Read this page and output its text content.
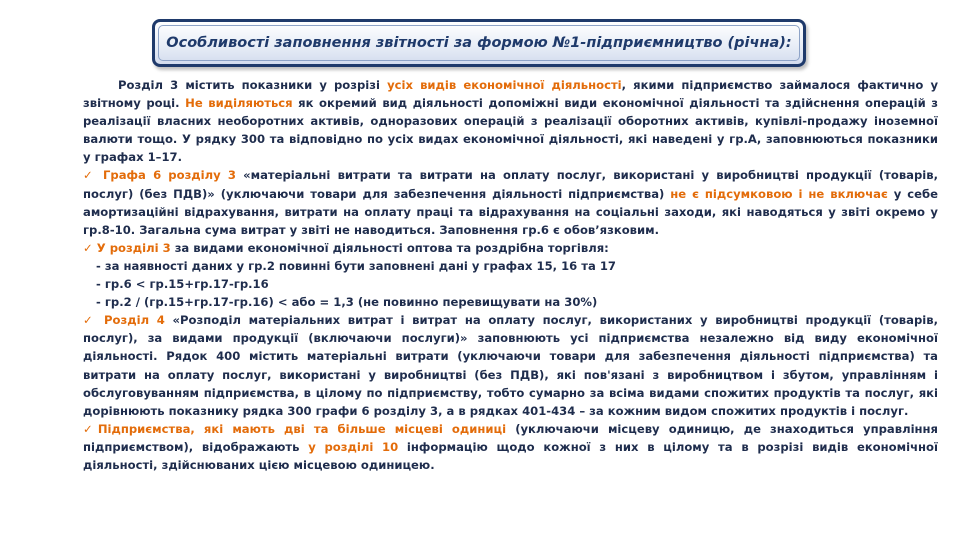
Особливості заповнення звітності за формою №1-підприємництво (річна):

Розділ 3 містить показники у розрізі усіх видів економічної діяльності, якими підприємство займалося фактично у звітному році. Не виділяються як окремий вид діяльності допоміжні види економічної діяльності та здійснення операцій з реалізації власних необоротних активів, одноразових операцій з реалізації оборотних активів, купівлі-продажу іноземної валюти тощо. У рядку 300 та відповідно по усіх видах економічної діяльності, які наведені у гр.А, заповнюються показники у графах 1–17.

✓ Графа 6 розділу 3 «матеріальні витрати та витрати на оплату послуг, використані у виробництві продукції (товарів, послуг) (без ПДВ)» (уключаючи товари для забезпечення діяльності підприємства) не є підсумковою і не включає у себе амортизаційні відрахування, витрати на оплату праці та відрахування на соціальні заходи, які наводяться у звіті окремо у гр.8-10. Загальна сума витрат у звіті не наводиться. Заповнення гр.6 є обов’язковим.

✓ У розділі 3 за видами економічної діяльності оптова та роздрібна торгівля:

- за наявності даних у гр.2 повинні бути заповнені дані у графах 15, 16 та 17

- гр.6 < гр.15+гр.17-гр.16

- гр.2 / (гр.15+гр.17-гр.16) < або = 1,3 (не повинно перевищувати на 30%)

✓ Розділ 4 «Розподіл матеріальних витрат і витрат на оплату послуг, використаних у виробництві продукції (товарів, послуг), за видами продукції (включаючи послуги)» заповнюють усі підприємства незалежно від виду економічної діяльності. Рядок 400 містить матеріальні витрати (уключаючи товари для забезпечення діяльності підприємства) та витрати на оплату послуг, використані у виробництві (без ПДВ), які пов'язані з виробництвом і збутом, управлінням і обслуговуванням підприємства, в цілому по підприємству, тобто сумарно за всіма видами спожитих продуктів та послуг, які дорівнюють показнику рядка 300 графи 6 розділу 3, а в рядках 401-434 – за кожним видом спожитих продуктів і послуг.

✓Підприємства, які мають дві та більше місцеві одиниці (уключаючи місцеву одиницю, де знаходиться управління підприємством), відображають у розділі 10 інформацію щодо кожної з них в цілому та в розрізі видів економічної діяльності, здійснюваних цією місцевою одиницею.
